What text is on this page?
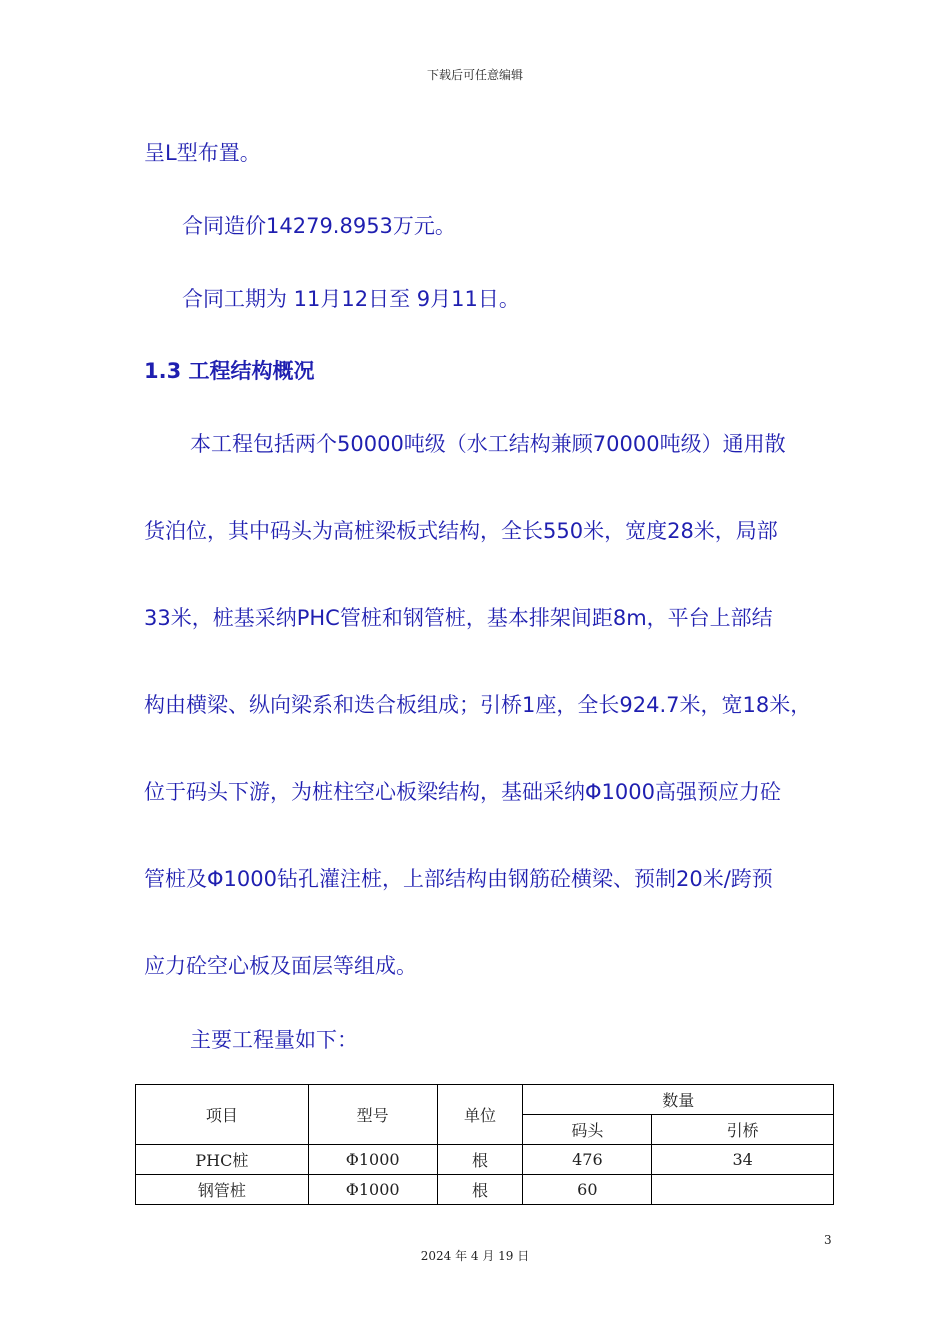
下载后可任意编辑
呈L型布置。
合同造价14279.8953万元。
合同工期为 11月12日至 9月11日。
1.3 工程结构概况
本工程包括两个50000吨级（水工结构兼顾70000吨级）通用散
货泊位，其中码头为高桩梁板式结构，全长550米，宽度28米，局部
33米，桩基采纳PHC管桩和钢管桩，基本排架间距8m，平台上部结
构由横梁、纵向梁系和迭合板组成；引桥1座，全长924.7米，宽18米，
位于码头下游，为桩柱空心板梁结构，基础采纳Φ1000高强预应力砼
管桩及Φ1000钻孔灌注桩，上部结构由钢筋砼横梁、预制20米/跨预
应力砼空心板及面层等组成。
主要工程量如下：
项目	型号	单位	数量	
			码头	引桥
PHC桩	Φ1000	根	476	34
钢管桩	Φ1000	根	60	
3
2024 年 4 月 19 日
